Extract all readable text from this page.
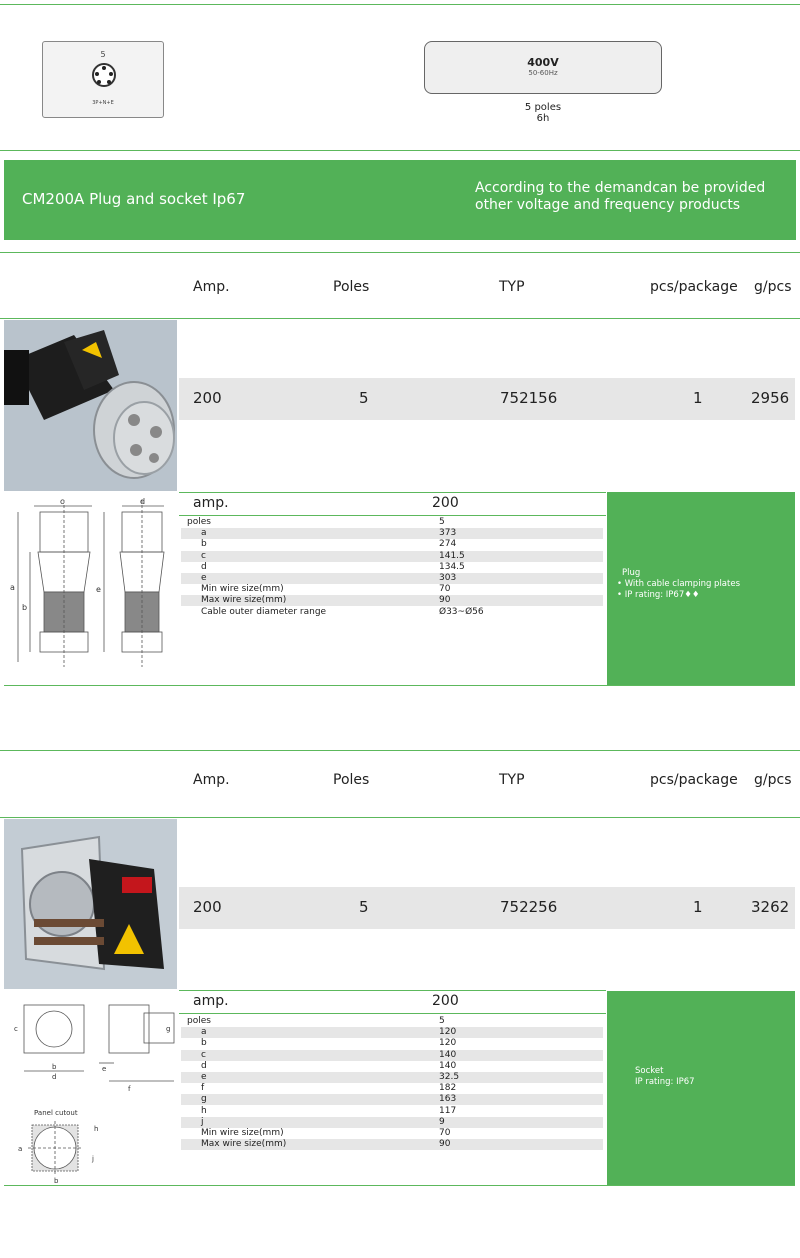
5
3P+N+E
400V
50-60Hz
5 poles
6h
CM200A Plug and socket Ip67
According to the demandcan be provided
other voltage and frequency products
Amp.	Poles	TYP	pcs/package g/pcs
200	5	752156	1	2956
c	d
a
b
e
amp.	200
poles	5
a	373
b	274
c	141.5
d	134.5
e	303
Min wire size(mm)	70
Max wire size(mm)	90
Cable outer diameter range	Ø33~Ø56
Plug
• With cable clamping plates
• IP rating: IP67♦♦
Amp.	Poles	TYP	pcs/package g/pcs
200	5	752256	1	3262
c
b
d
e
f
g
Panel cutout
a
b
h
j
amp.	200
poles	5
a	120
b	120
c	140
d	140
e	32.5
f	182
g	163
h	117
j	9
Min wire size(mm)	70
Max wire size(mm)	90
Socket
IP rating: IP67
